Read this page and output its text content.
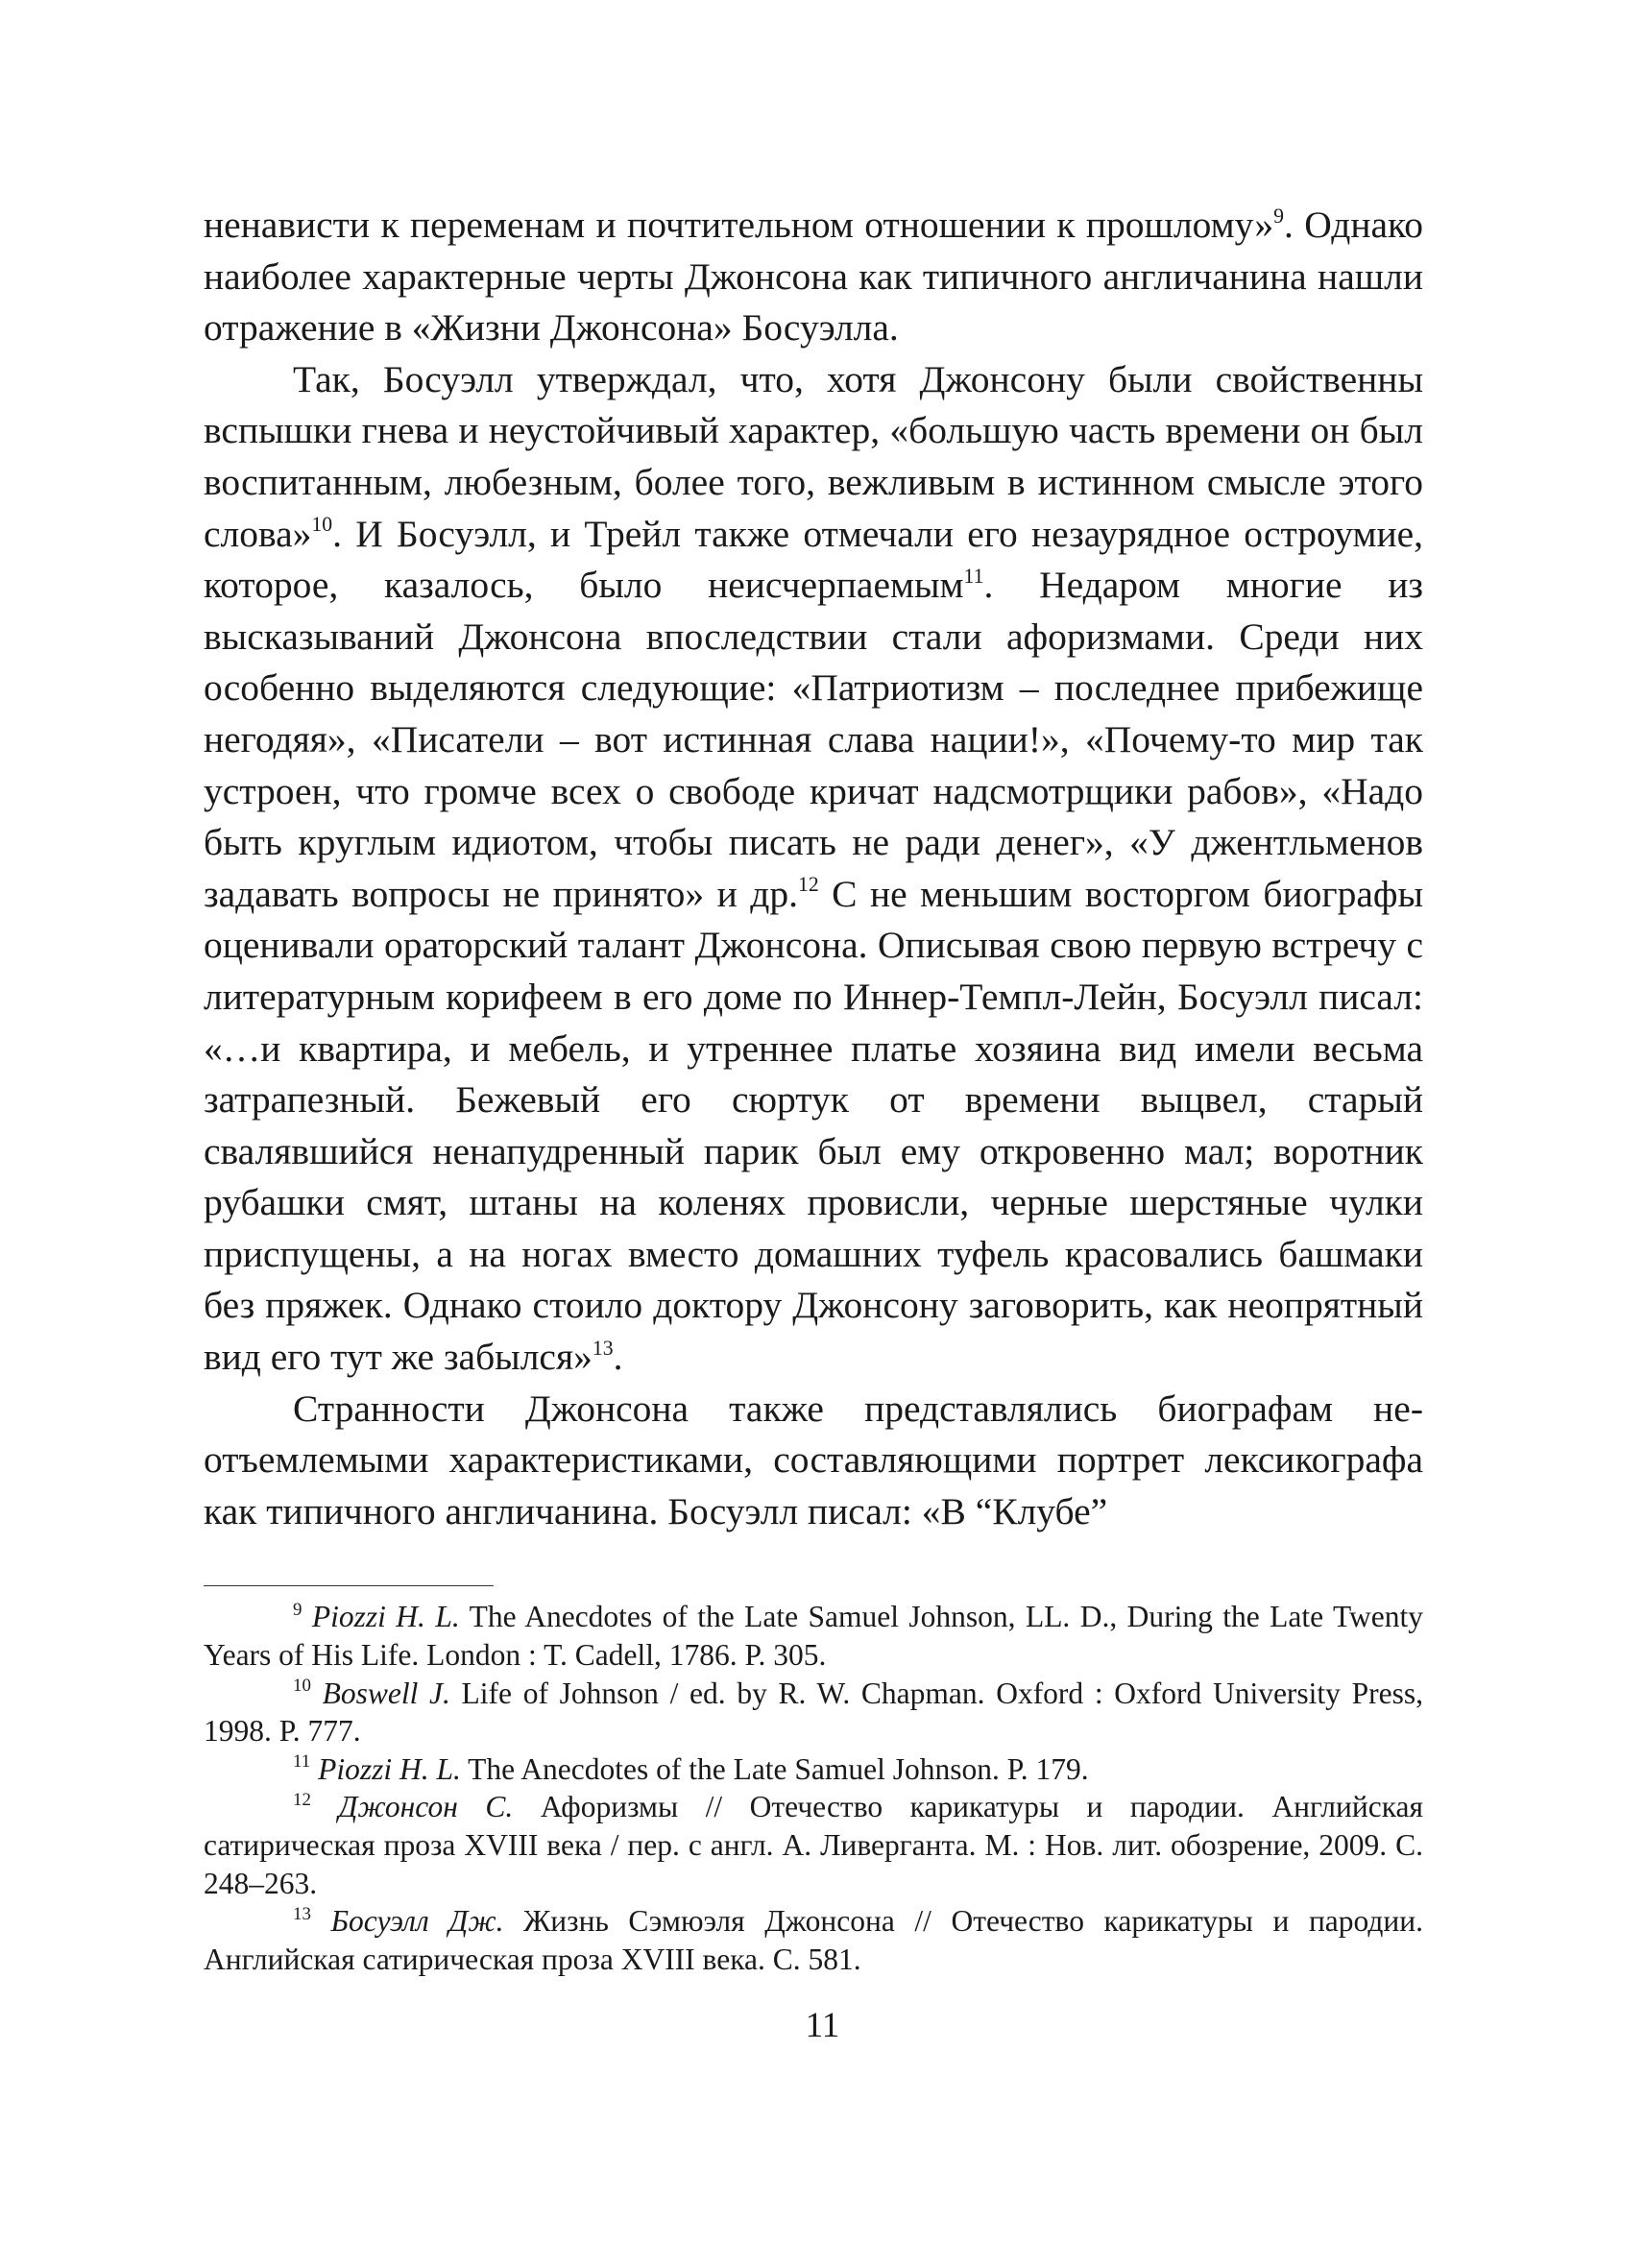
ненависти к переменам и почтительном отношении к прошлому»$^9$. Однако наиболее характерные черты Джонсона как типичного англичанина нашли отражение в «Жизни Джонсона» Босуэлла.

Так, Босуэлл утверждал, что, хотя Джонсону были свойственны вспышки гнева и неустойчивый характер, «большую часть времени он был воспитанным, любезным, более того, вежливым в истинном смысле этого слова»$^{10}$. И Босуэлл, и Трейл также отмечали его незаурядное остроумие, которое, казалось, было неисчерпаемым$^{11}$. Недаром многие из высказываний Джонсона впоследствии стали афоризмами. Среди них особенно выделяются следующие: «Патриотизм – последнее прибежище негодяя», «Писатели – вот истинная слава нации!», «Почему-то мир так устроен, что громче всех о свободе кричат надсмотрщики рабов», «Надо быть круглым идиотом, чтобы писать не ради денег», «У джентльменов задавать вопросы не принято» и др.$^{12}$ С не меньшим восторгом биографы оценивали ораторский талант Джонсона. Описывая свою первую встречу с литературным корифеем в его доме по Иннер-Темпл-Лейн, Босуэлл писал: «…и квартира, и мебель, и утреннее платье хозяина вид имели весьма затрапезный. Бежевый его сюртук от времени выцвел, старый свалявшийся ненапудренный парик был ему откровенно мал; воротник рубашки смят, штаны на коленях провисли, черные шерстяные чулки приспущены, а на ногах вместо домашних туфель красовались башмаки без пряжек. Однако стоило доктору Джонсону заговорить, как неопрятный вид его тут же забылся»$^{13}$.

Странности Джонсона также представлялись биографам неотъемлемыми характеристиками, составляющими портрет лексикографа как типичного англичанина. Босуэлл писал: «В “Клубе”

$^9$ Piozzi H. L. The Anecdotes of the Late Samuel Johnson, LL. D., During the Late Twenty Years of His Life. London : T. Cadell, 1786. P. 305.

$^{10}$ Boswell J. Life of Johnson / ed. by R. W. Chapman. Oxford : Oxford University Press, 1998. P. 777.

$^{11}$ Piozzi H. L. The Anecdotes of the Late Samuel Johnson. P. 179.

$^{12}$ Джонсон С. Афоризмы // Отечество карикатуры и пародии. Английская сатирическая проза XVIII века / пер. с англ. А. Ливерганта. М. : Нов. лит. обозрение, 2009. С. 248–263.

$^{13}$ Босуэлл Дж. Жизнь Сэмюэля Джонсона // Отечество карикатуры и пародии. Английская сатирическая проза XVIII века. С. 581.

11
